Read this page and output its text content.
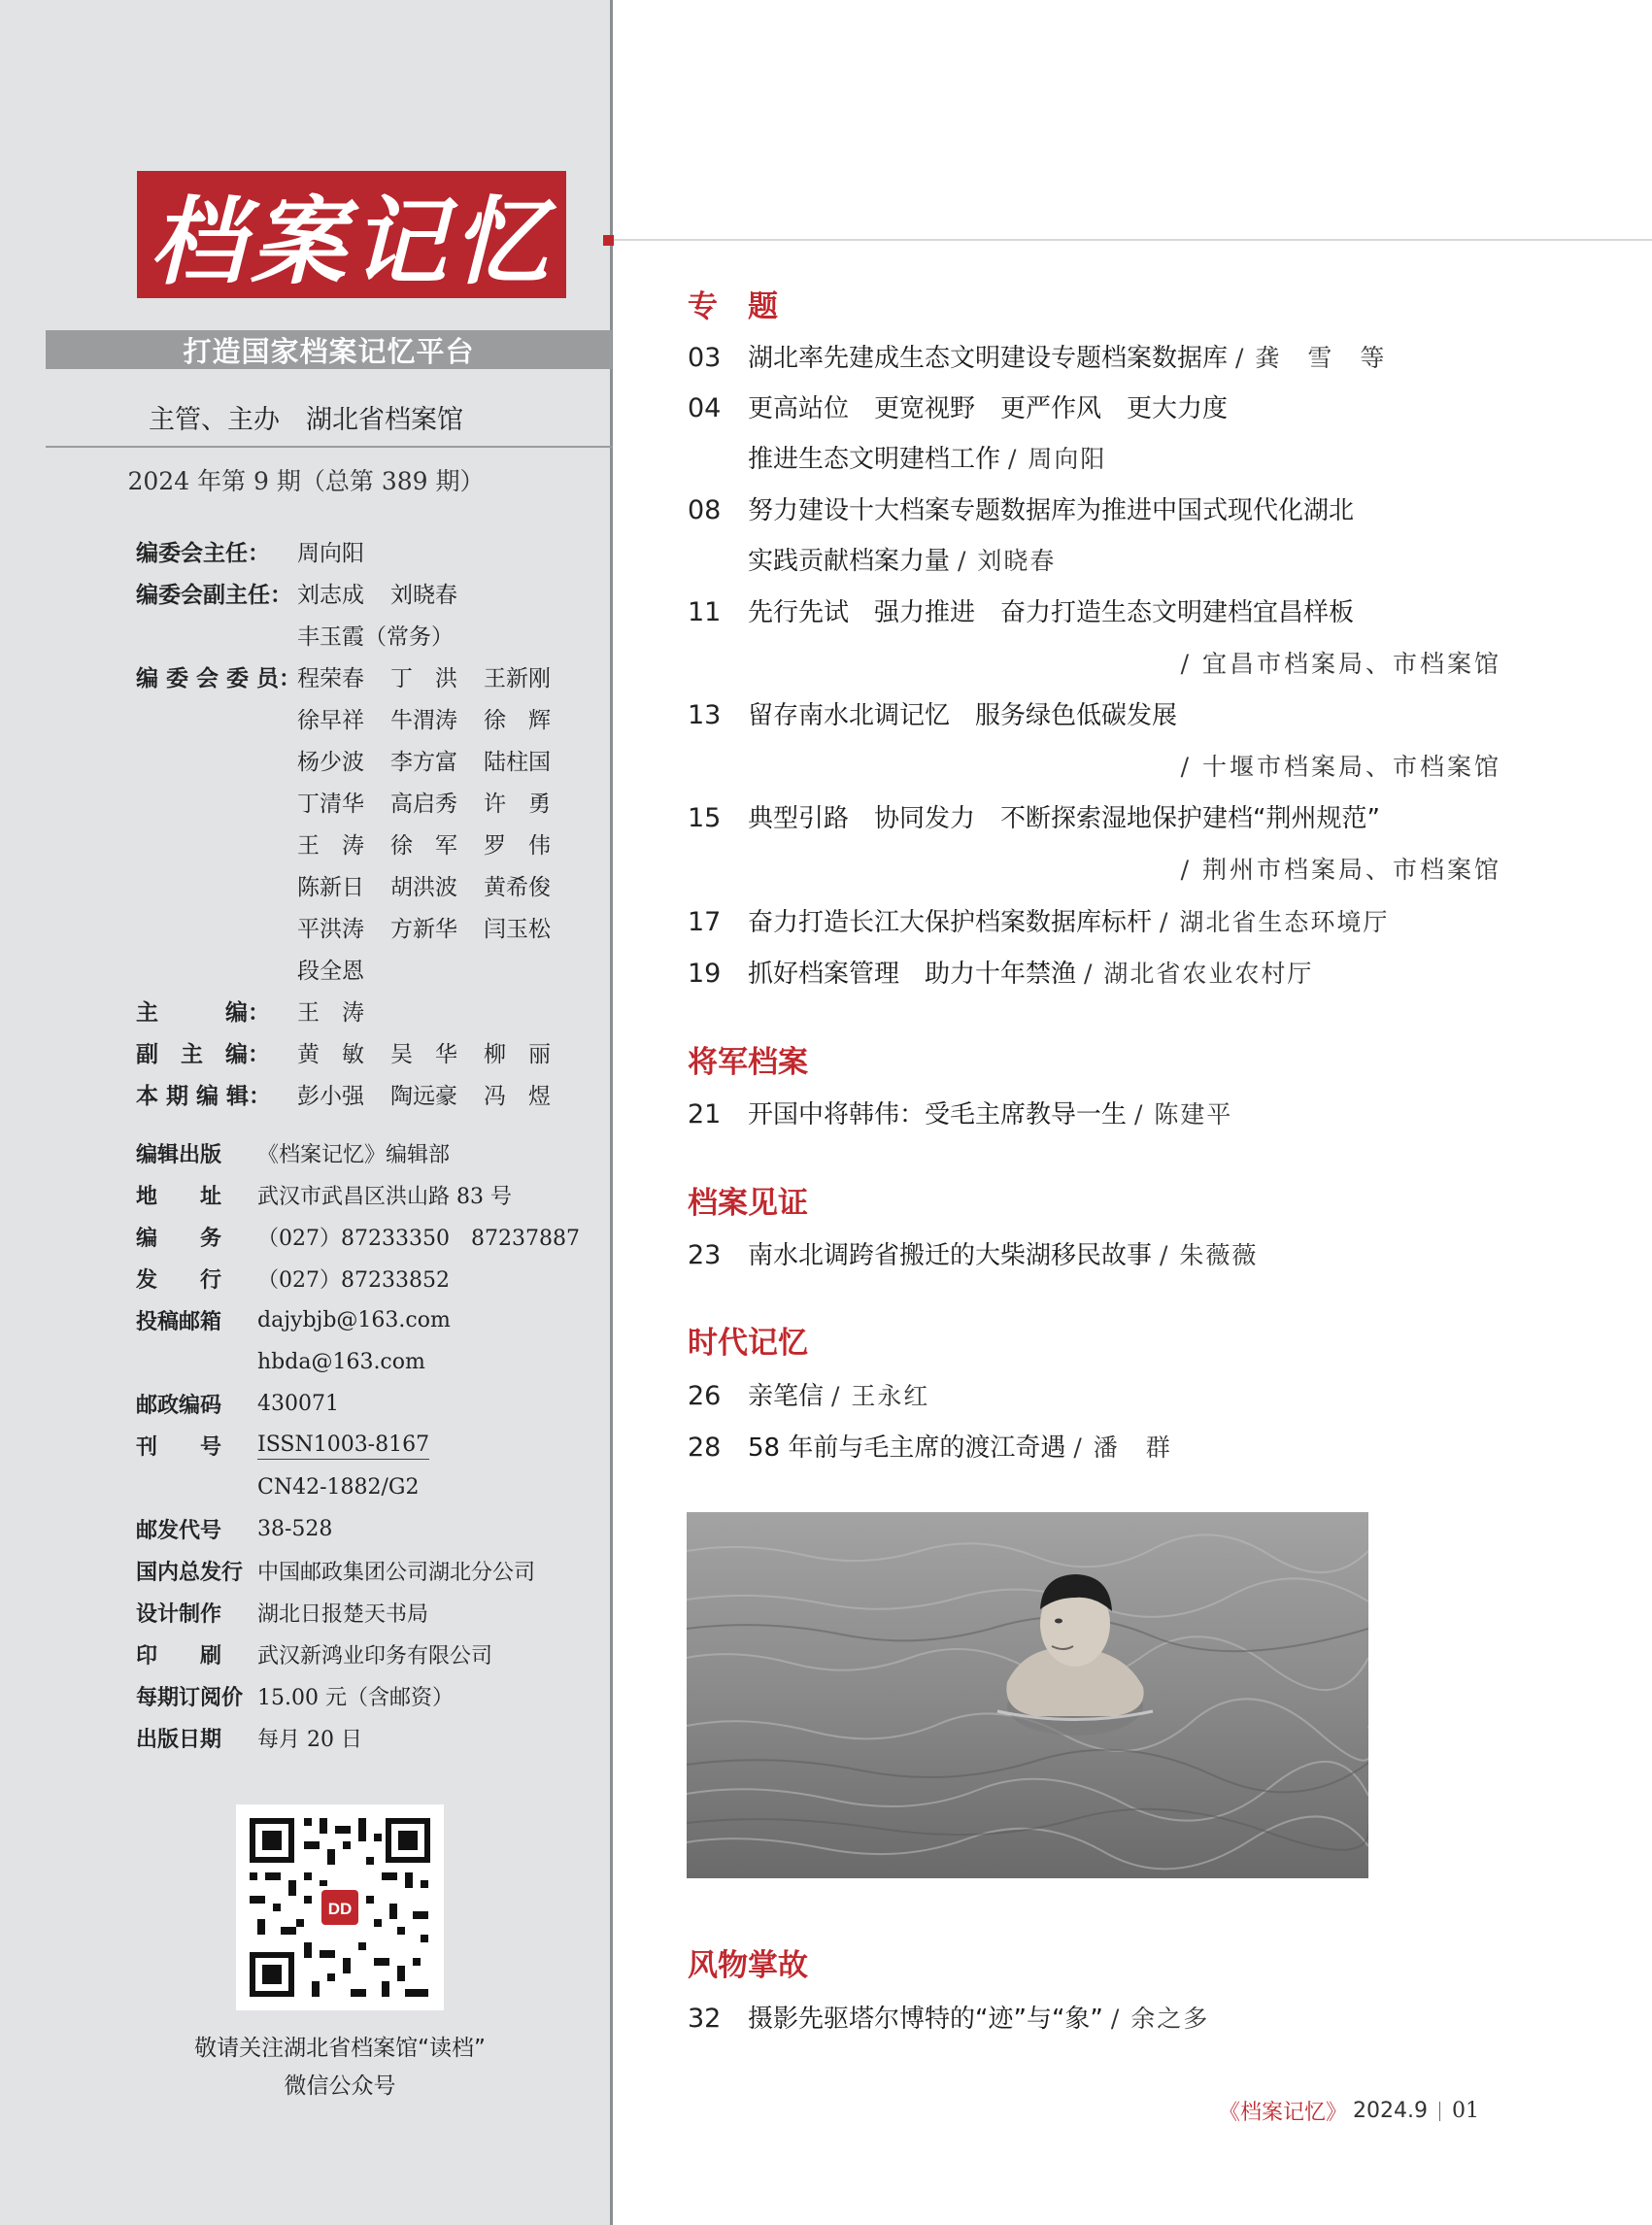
档案记忆
打造国家档案记忆平台
主管、主办　湖北省档案馆
2024 年第 9 期（总第 389 期）
编委会主任：	周向阳
编委会副主任： 刘志成	刘晓春
丰玉霞（常务）
编 委 会 委 员：
程荣春	丁　洪	王新刚
徐早祥	牛渭涛	徐　辉
杨少波	李方富	陆柱国
丁清华	高启秀	许　勇
王　涛	徐　军	罗　伟
陈新日	胡洪波	黄希俊
平洪涛	方新华	闫玉松
段全恩
主　　　编：	王　涛
副　主　编：	黄　敏	吴　华	柳　丽
本 期 编 辑：	彭小强	陶远豪	冯　煜
编辑出版	《档案记忆》编辑部
地　　址	武汉市武昌区洪山路 83 号
编　　务	（027）87233350　87237887
发　　行	（027）87233852
投稿邮箱	dajybjb@163.com
hbda@163.com
邮政编码	430071
刊　　号	ISSN1003-8167
CN42-1882/G2
邮发代号	38-528
国内总发行 中国邮政集团公司湖北分公司
设计制作	湖北日报楚天书局
印　　刷	武汉新鸿业印务有限公司
每期订阅价 15.00 元（含邮资）
出版日期	每月 20 日
DD
敬请关注湖北省档案馆“读档”
微信公众号
专　题
03	湖北率先建成生态文明建设专题档案数据库 / 龚　雪　等
04	更高站位　更宽视野　更严作风　更大力度
推进生态文明建档工作 / 周向阳
08	努力建设十大档案专题数据库为推进中国式现代化湖北
实践贡献档案力量 / 刘晓春
11	先行先试　强力推进　奋力打造生态文明建档宜昌样板
/ 宜昌市档案局、市档案馆
13	留存南水北调记忆　服务绿色低碳发展
/ 十堰市档案局、市档案馆
15	典型引路　协同发力　不断探索湿地保护建档“荆州规范”
/ 荆州市档案局、市档案馆
17	奋力打造长江大保护档案数据库标杆 / 湖北省生态环境厅
19	抓好档案管理　助力十年禁渔 / 湖北省农业农村厅
将军档案
21	开国中将韩伟：受毛主席教导一生 / 陈建平
档案见证
23	南水北调跨省搬迁的大柴湖移民故事 / 朱薇薇
时代记忆
26	亲笔信 / 王永红
28	58 年前与毛主席的渡江奇遇 / 潘　群
风物掌故
32	摄影先驱塔尔博特的“迹”与“象” / 余之多
《档案记忆》 2024.9 01
